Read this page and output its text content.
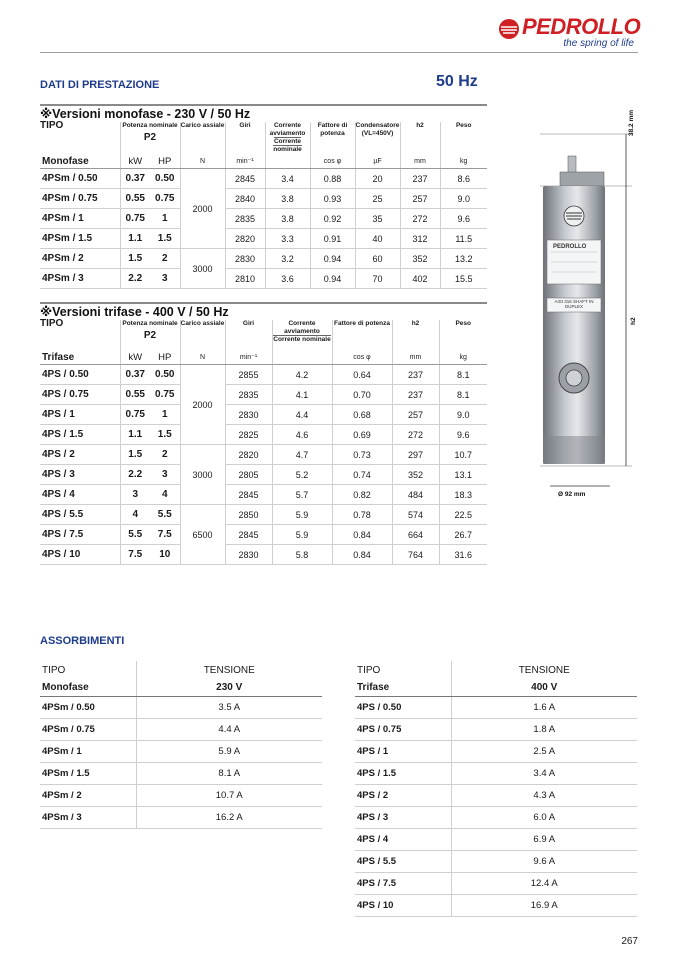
PEDROLLO
the spring of life
DATI DI PRESTAZIONE	50 Hz
※Versioni monofase - 230 V / 50 Hz
TIPO	Potenza nominale
P2		Carico assiale	Giri	Corrente avviamento
Corrente nominale	Fattore di potenza	Condensatore (VL=450V)	h2	Peso
Monofase	kW	HP	N	min⁻¹		cos φ	µF	mm	kg
4PSm / 0.50	0.37	0.50	2000	2845	3.4	0.88	20	237	8.6
4PSm / 0.75	0.55	0.75		2840	3.8	0.93	25	257	9.0
4PSm / 1	0.75	1		2835	3.8	0.92	35	272	9.6
4PSm / 1.5	1.1	1.5		2820	3.3	0.91	40	312	11.5
4PSm / 2	1.5	2	3000	2830	3.2	0.94	60	352	13.2
4PSm / 3	2.2	3		2810	3.6	0.94	70	402	15.5
※Versioni trifase - 400 V / 50 Hz
TIPO	Potenza nominale
P2		Carico assiale	Giri	Corrente avviamento
Corrente nominale	Fattore di potenza	h2	Peso
Trifase	kW	HP	N	min⁻¹		cos φ	mm	kg
4PS / 0.50	0.37	0.50	2000	2855	4.2	0.64	237	8.1
4PS / 0.75	0.55	0.75		2835	4.1	0.70	237	8.1
4PS / 1	0.75	1		2830	4.4	0.68	257	9.0
4PS / 1.5	1.1	1.5		2825	4.6	0.69	272	9.6
4PS / 2	1.5	2	3000	2820	4.7	0.73	297	10.7
4PS / 3	2.2	3		2805	5.2	0.74	352	13.1
4PS / 4	3	4		2845	5.7	0.82	484	18.3
4PS / 5.5	4	5.5	6500	2850	5.9	0.78	574	22.5
4PS / 7.5	5.5	7.5		2845	5.9	0.84	664	26.7
4PS / 10	7.5	10		2830	5.8	0.84	764	31.6
PEDROLLO
AISI 316 SHAFT IN DUPLEX
38.2 mm
h2
Ø 92 mm
ASSORBIMENTI
TIPO	TENSIONE
Monofase	230 V
4PSm / 0.50	3.5 A
4PSm / 0.75	4.4 A
4PSm / 1	5.9 A
4PSm / 1.5	8.1 A
4PSm / 2	10.7 A
4PSm / 3	16.2 A
TIPO	TENSIONE
Trifase	400 V
4PS / 0.50	1.6 A
4PS / 0.75	1.8 A
4PS / 1	2.5 A
4PS / 1.5	3.4 A
4PS / 2	4.3 A
4PS / 3	6.0 A
4PS / 4	6.9 A
4PS / 5.5	9.6 A
4PS / 7.5	12.4 A
4PS / 10	16.9 A
267
